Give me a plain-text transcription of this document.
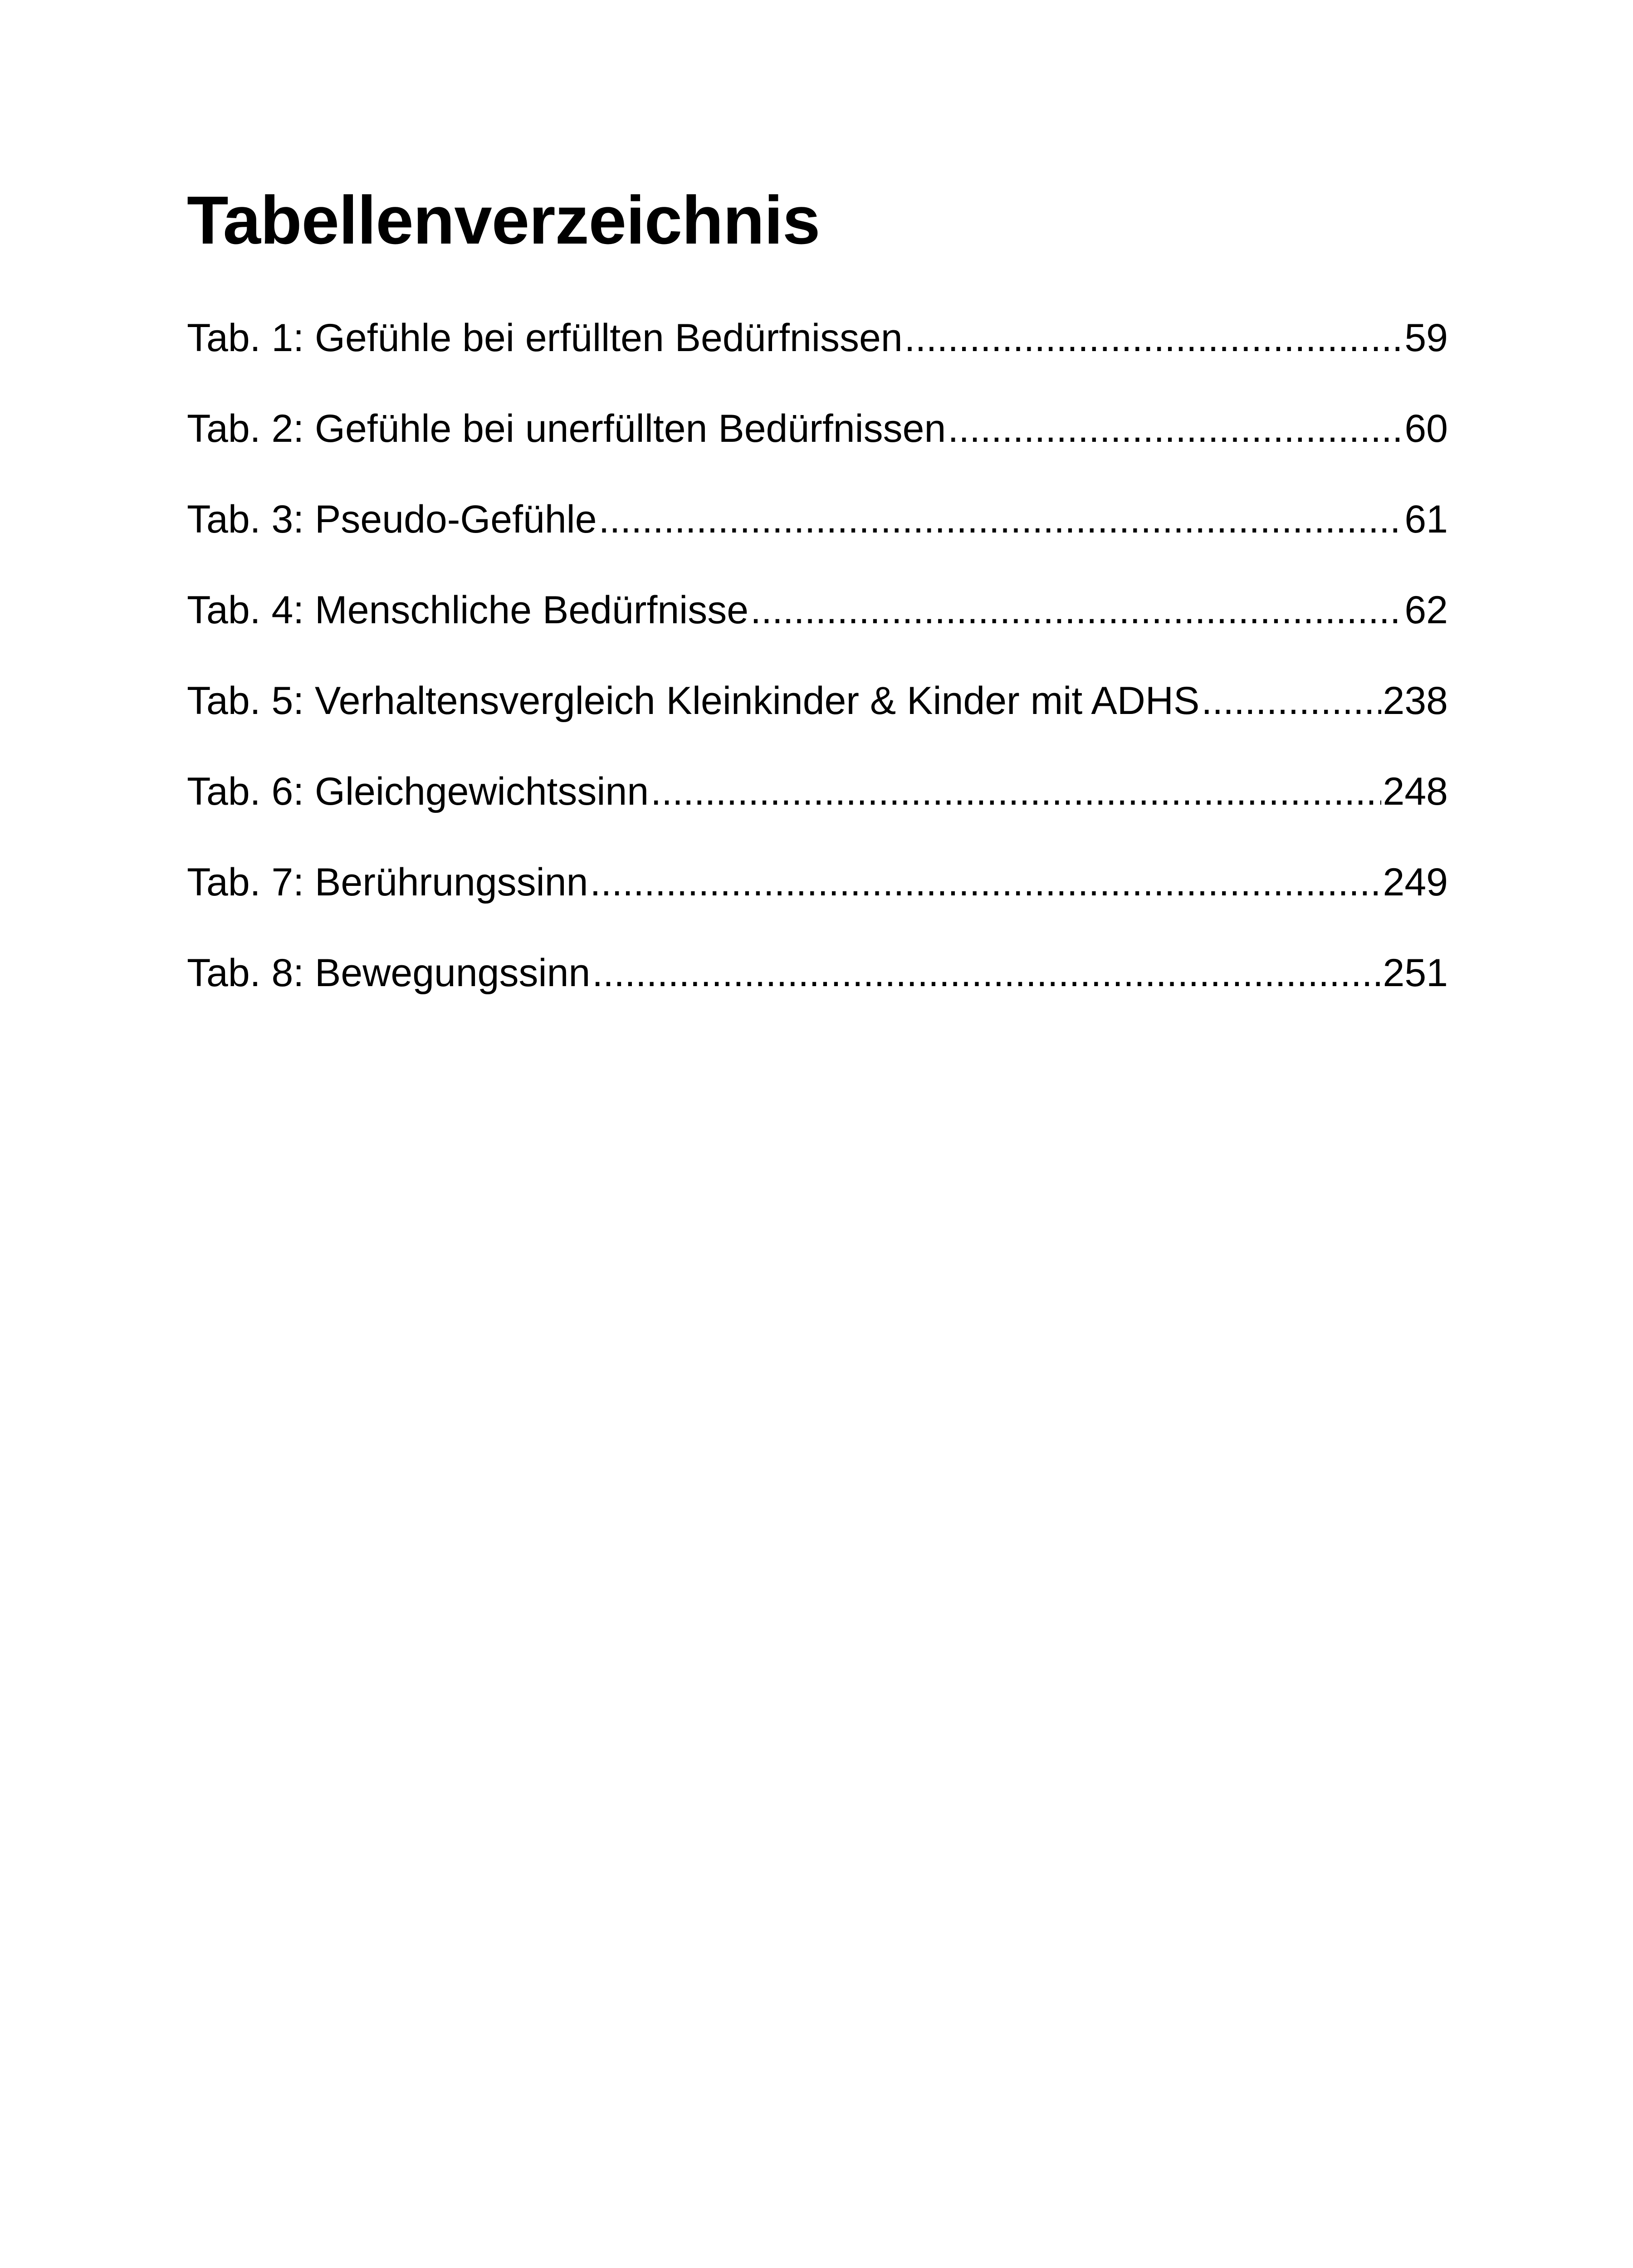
Tabellenverzeichnis
Tab. 1: Gefühle bei erfüllten Bedürfnissen .....	59
Tab. 2: Gefühle bei unerfüllten Bedürfnissen .....	60
Tab. 3: Pseudo-Gefühle .....	61
Tab. 4: Menschliche Bedürfnisse .....	62
Tab. 5: Verhaltensvergleich Kleinkinder & Kinder mit ADHS .....	238
Tab. 6: Gleichgewichtssinn .....	248
Tab. 7: Berührungssinn .....	249
Tab. 8: Bewegungssinn .....	251
